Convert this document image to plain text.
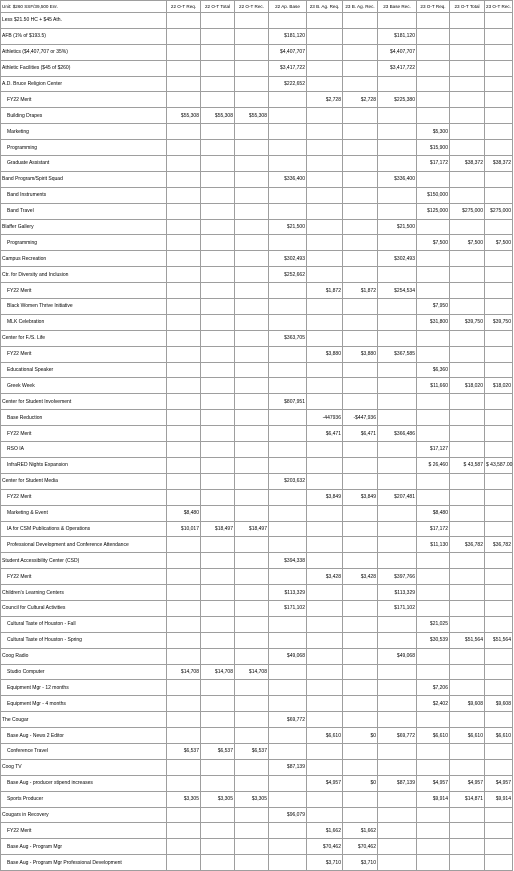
Unit: $260 SSF/39,500 Enr.	22 O-T Req.	22 O-T Total	22 O-T Rec.	22 Ap. Base	23 B. Ag. Req.	23 B. Ag. Rec.	23 Base Rec.	23 O-T Req.	23 O-T Total	23 O-T Rec.
Less $21.50 HC + $45 Ath.										
AFB (1% of $193.5)				$181,120			$181,120			
Athletics ($4,407,707 or 35%)				$4,407,707			$4,407,707			
Athletic Facilities ($45 of $260)				$3,417,722			$3,417,722			
A.D. Bruce Religion Center				$222,652						
FY22 Merit					$2,728	$2,728	$225,380			
Building Drapes	$55,308	$55,308	$55,308							
Marketing								$5,300		
Programming								$15,900		
Graduate Assistant								$17,172	$38,372	$38,372
Band Program/Spirit Squad				$336,400			$336,400			
Band Instruments								$150,000		
Band Travel								$125,000	$275,000	$275,000
Blaffer Gallery				$21,500			$21,500			
Programming								$7,500	$7,500	$7,500
Campus Recreation				$302,493			$302,493			
Ctr. for Diversity and Inclusion				$252,662						
FY22 Merit					$1,872	$1,872	$254,534			
Black Women Thrive Initiative								$7,950		
MLK Celebration								$31,800	$39,750	$39,750
Center for F./S. Life				$363,705						
FY22 Merit					$3,880	$3,880	$367,585			
Educational Speaker								$6,360		
Greek Week								$11,660	$18,020	$18,020
Center for Student Involvement				$807,951						
Base Reduction					-447936	-$447,936				
FY22 Merit					$6,471	$6,471	$366,486			
RSO IA								$17,127		
InfraRED Nights Expansion								$ 26,460	$ 43,587	$ 43,587.00
Center for Student Media				$203,632						
FY22 Merit					$3,849	$3,849	$207,481			
Marketing & Event	$8,480							$8,480		
IA for CSM Publications & Operations	$10,017	$18,497	$18,497					$17,172		
Professional Development and Conference Attendance								$11,130	$36,782	$36,782
Student Accessibility Center (CSD)				$394,338						
FY22 Merit					$3,428	$3,428	$397,766			
Children's Learning Centers				$113,329			$113,329			
Council for Cultural Activities				$171,102			$171,102			
Cultural Taste of Houston - Fall								$21,025		
Cultural Taste of Houston - Spring								$30,539	$51,564	$51,564
Coog Radio				$49,068			$49,068			
Studio Computer	$14,708	$14,708	$14,708							
Equipment Mgr - 12 months								$7,206		
Equipment Mgr - 4 months								$2,402	$9,608	$9,608
The Cougar				$69,772						
Base Aug - News 2 Editor					$6,610	$0	$69,772	$6,610	$6,610	$6,610
Conference Travel	$6,537	$6,537	$6,537							
Coog TV				$87,139						
Base Aug - producer stipend increases					$4,957	$0	$87,139	$4,957	$4,957	$4,957
Sports Producer	$3,305	$3,305	$3,305					$9,914	$14,871	$9,914
Cougars in Recovery				$96,079						
FY22 Merit					$1,662	$1,662				
Base Aug - Program Mgr					$70,462	$70,462				
Base Aug - Program Mgr Professional Development					$3,710	$3,710				
